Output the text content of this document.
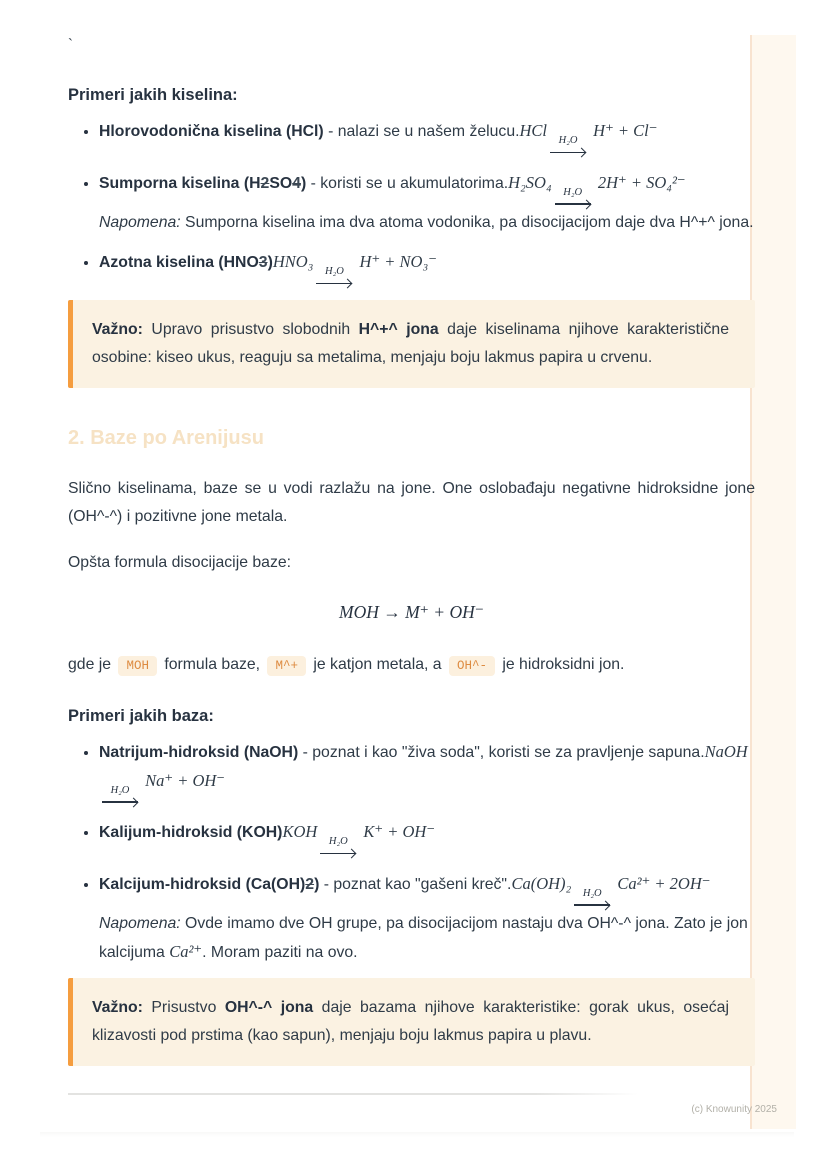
`
Primeri jakih kiselina:
• Hlorovodonična kiselina (HCl) - nalazi se u našem želucu.HCl
H₂O
H⁺ + Cl⁻
• Sumporna kiselina (H2SO4) - koristi se u akumulatorima.H₂SO₄
H₂O
2H⁺ + SO₄²⁻ Napomena: Sumporna kiselina ima dva atoma vodonika, pa disocijacijom daje dva H^+^ jona.
• Azotna kiselina (HNO3)HNO₃
H₂O
H⁺ + NO₃⁻
Važno: Upravo prisustvo slobodnih H^+^ jona daje kiselinama njihove karakteristične osobine: kiseo ukus, reaguju sa metalima, menjaju boju lakmus papira u crvenu.
2. Baze po Arenijusu
Slično kiselinama, baze se u vodi razlažu na jone. One oslobađaju negativne hidroksidne jone (OH^-^) i pozitivne jone metala.
Opšta formula disocijacije baze:
MOH → M⁺ + OH⁻
gde je MOH formula baze, M^+ je katjon metala, a OH^- je hidroksidni jon.
Primeri jakih baza:
• Natrijum-hidroksid (NaOH) - poznat i kao "živa soda", koristi se za pravljenje sapuna.NaOH
H₂O
Na⁺ + OH⁻
• Kalijum-hidroksid (KOH)KOH
H₂O
K⁺ + OH⁻
• Kalcijum-hidroksid (Ca(OH)2) - poznat kao "gašeni kreč".Ca(OH)₂
H₂O
Ca²⁺ + 2OH⁻ Napomena: Ovde imamo dve OH grupe, pa disocijacijom nastaju dva OH^-^ jona. Zato je jon kalcijuma Ca²⁺. Moram paziti na ovo.
Važno: Prisustvo OH^-^ jona daje bazama njihove karakteristike: gorak ukus, osećaj klizavosti pod prstima (kao sapun), menjaju boju lakmus papira u plavu.
(c) Knowunity 2025
